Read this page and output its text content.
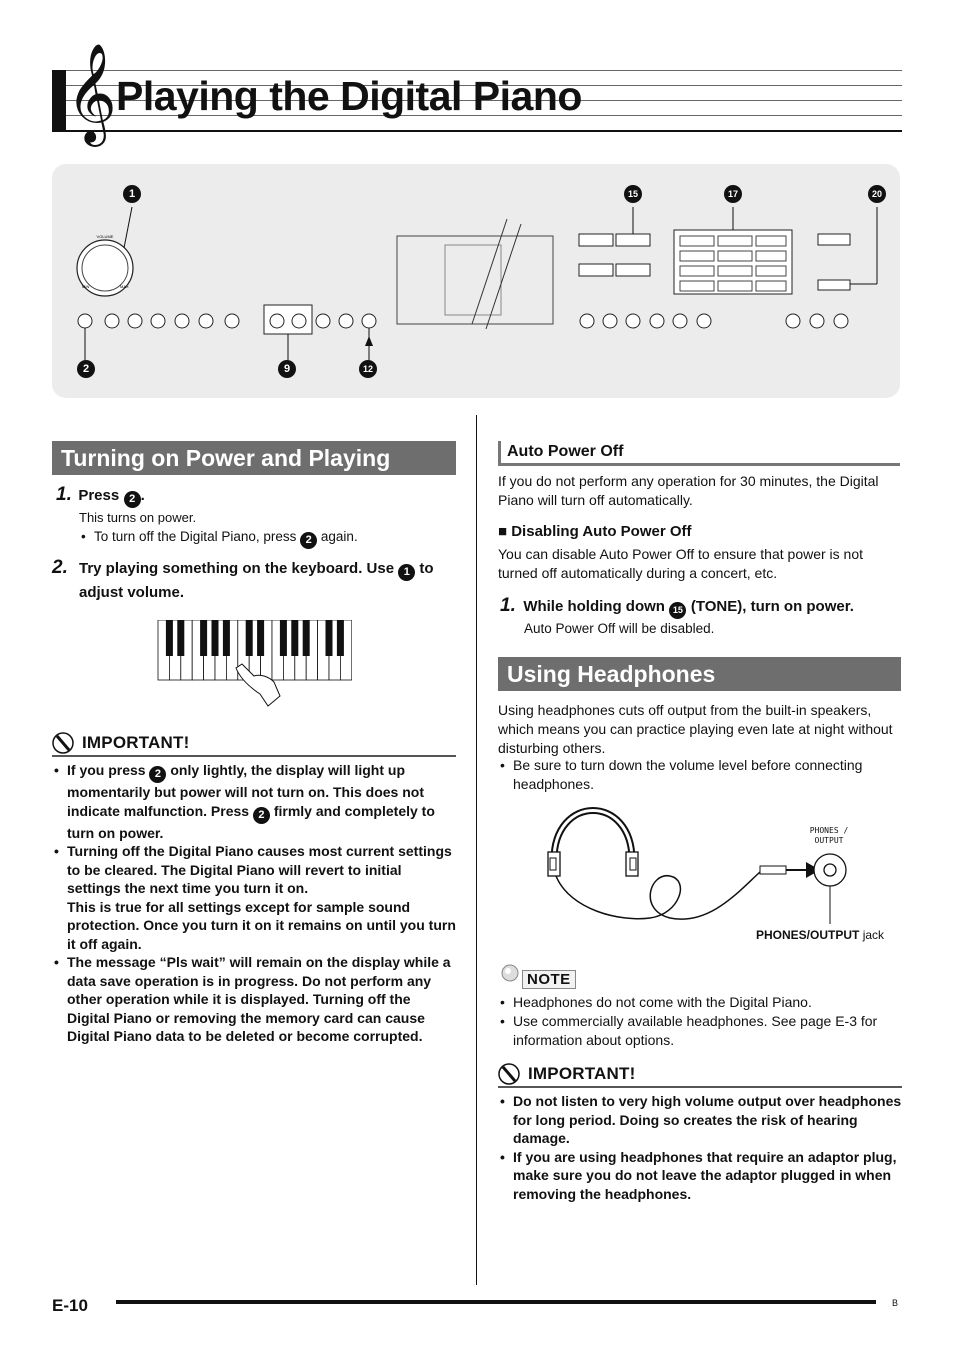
𝄞 Playing the Digital Piano
VOLUME
MIN	MAX
1
2	9	12
15	17	20
Turning on Power and Playing
1. Press 2 .
This turns on power.
• To turn off the Digital Piano, press 2 again.
2. Try playing something on the keyboard. Use 1 to adjust volume.
IMPORTANT!
• If you press 2 only lightly, the display will light up momentarily but power will not turn on. This does not indicate malfunction. Press 2 firmly and completely to turn on power.
• Turning off the Digital Piano causes most current settings to be cleared. The Digital Piano will revert to initial settings the next time you turn it on.
This is true for all settings except for sample sound protection. Once you turn it on it remains on until you turn it off again.
• The message “Pls wait” will remain on the display while a data save operation is in progress. Do not perform any other operation while it is displayed. Turning off the Digital Piano or removing the memory card can cause Digital Piano data to be deleted or become corrupted.
Auto Power Off
If you do not perform any operation for 30 minutes, the Digital Piano will turn off automatically.
■ Disabling Auto Power Off
You can disable Auto Power Off to ensure that power is not turned off automatically during a concert, etc.
1. While holding down 15 (TONE), turn on power.
Auto Power Off will be disabled.
Using Headphones
Using headphones cuts off output from the built-in speakers, which means you can practice playing even late at night without disturbing others.
• Be sure to turn down the volume level before connecting headphones.
PHONES /
OUTPUT
PHONES/OUTPUT jack
NOTE
• Headphones do not come with the Digital Piano.
• Use commercially available headphones. See page E-3 for information about options.
IMPORTANT!
• Do not listen to very high volume output over headphones for long period. Doing so creates the risk of hearing damage.
• If you are using headphones that require an adaptor plug, make sure you do not leave the adaptor plugged in when removing the headphones.
E-10	B
